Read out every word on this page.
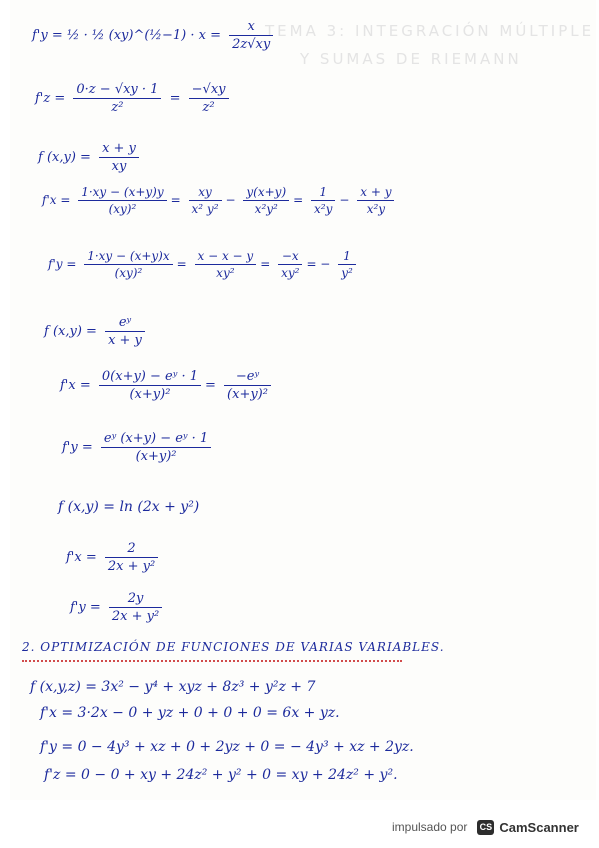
TEMA 3: INTEGRACIÓN MÚLTIPLE
Y SUMAS DE RIEMANN
f'y = ½ · ½ (xy)^(½−1) · $x = \frac{x}{2z√xy}$
$f'z = \frac{0\cdot z - √xy \cdot 1}{\text{z²}} = \frac{-√xy}{\text{z²}}$
f $(x,y) = \frac{x + y}{xy}$
$f'x = \frac{1\cdot xy - (x+y)y}{\text{(xy)²}} = \frac{xy}{\text{x² y²}} - \frac{y(x+y)}{\text{x²y²}} = \frac{1}{\text{x²y}} - \frac{x + y}{\text{x²y}}$
$f'y = \frac{1\cdot xy - (x+y)x}{\text{(xy)²}} = \frac{x - x - y}{\text{xy²}} = \frac{-x}{\text{xy²}}$ = − $\frac{1}{\text{y²}}$
f $(x,y) = \frac{\text{eʸ}}{x + y}$
$f'x = \frac{\text{0(x+y) − eʸ · 1}}{\text{(x+y)²}} = \frac{\text{−eʸ}}{\text{(x+y)²}}$
$f'y = \frac{\text{eʸ (x+y) − eʸ · 1}}{\text{(x+y)²}}$
f (x,y) = ln (2x + y²)
$f'x = \frac{2}{\text{2x + y²}}$
$f'y = \frac{2y}{\text{2x + y²}}$
2. OPTIMIZACIÓN DE FUNCIONES DE VARIAS VARIABLES.
f (x,y,z) = 3x² − y⁴ + xyz + 8z³ + y²z + 7
f'x = 3·2x − 0 + yz + 0 + 0 + 0 = 6x + yz.
f'y = 0 − 4y³ + xz + 0 + 2yz + 0 = − 4y³ + xz + 2yz.
f'z = 0 − 0 + xy + 24z² + y² + 0 = xy + 24z² + y².
impulsado por CS CamScanner
